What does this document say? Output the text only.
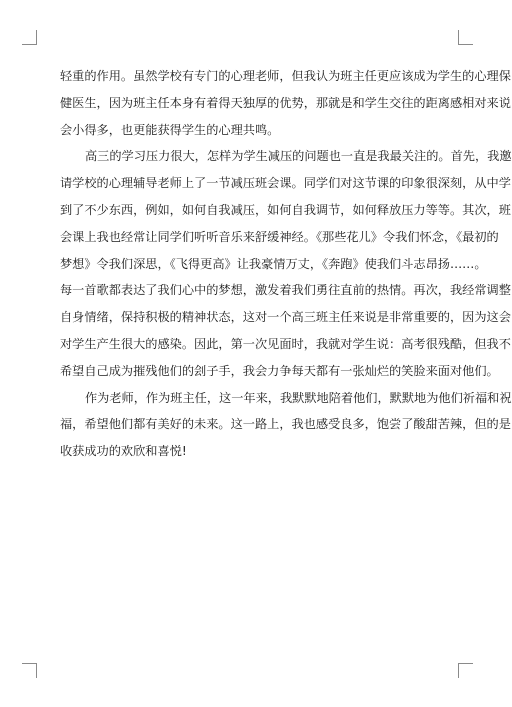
轻重的作用。虽然学校有专门的心理老师，但我认为班主任更应该成为学生的心理保
健医生，因为班主任本身有着得天独厚的优势，那就是和学生交往的距离感相对来说
会小得多，也更能获得学生的心理共鸣。
高三的学习压力很大，怎样为学生减压的问题也一直是我最关注的。首先，我邀
请学校的心理辅导老师上了一节减压班会课。同学们对这节课的印象很深刻，从中学
到了不少东西，例如，如何自我减压，如何自我调节，如何释放压力等等。其次，班
会课上我也经常让同学们听听音乐来舒缓神经。《那些花儿》令我们怀念，《最初的
梦想》令我们深思，《飞得更高》让我豪情万丈，《奔跑》使我们斗志昂扬……。
每一首歌都表达了我们心中的梦想，激发着我们勇往直前的热情。再次，我经常调整
自身情绪，保持积极的精神状态，这对一个高三班主任来说是非常重要的，因为这会
对学生产生很大的感染。因此，第一次见面时，我就对学生说：高考很残酷，但我不
希望自己成为摧残他们的刽子手，我会力争每天都有一张灿烂的笑脸来面对他们。
作为老师，作为班主任，这一年来，我默默地陪着他们，默默地为他们祈福和祝
福，希望他们都有美好的未来。这一路上，我也感受良多，饱尝了酸甜苦辣，但的是
收获成功的欢欣和喜悦!
